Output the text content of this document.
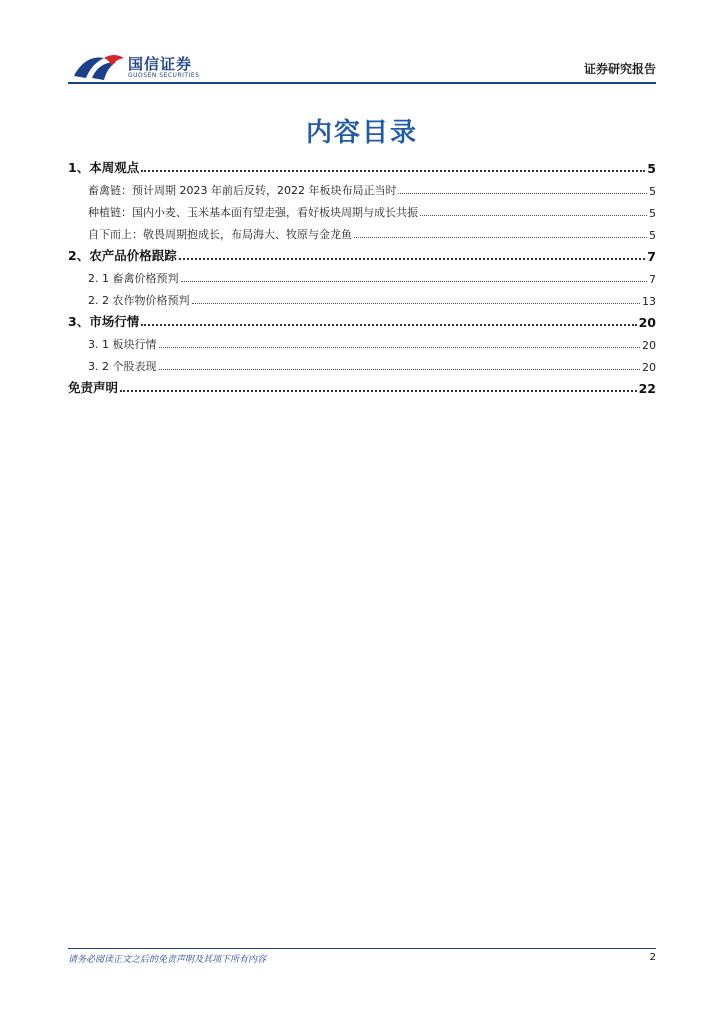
国信证券
GUOSEN SECURITIES	证券研究报告
内容目录
1、本周观点	5
畜禽链：预计周期 2023 年前后反转，2022 年板块布局正当时	5
种植链：国内小麦、玉米基本面有望走强，看好板块周期与成长共振	5
自下而上：敬畏周期抱成长，布局海大、牧原与金龙鱼	5
2、农产品价格跟踪	7
2. 1 畜禽价格预判	7
2. 2 农作物价格预判	13
3、市场行情	20
3. 1 板块行情	20
3. 2 个股表现	20
免责声明	22
请务必阅读正文之后的免责声明及其项下所有内容	2
